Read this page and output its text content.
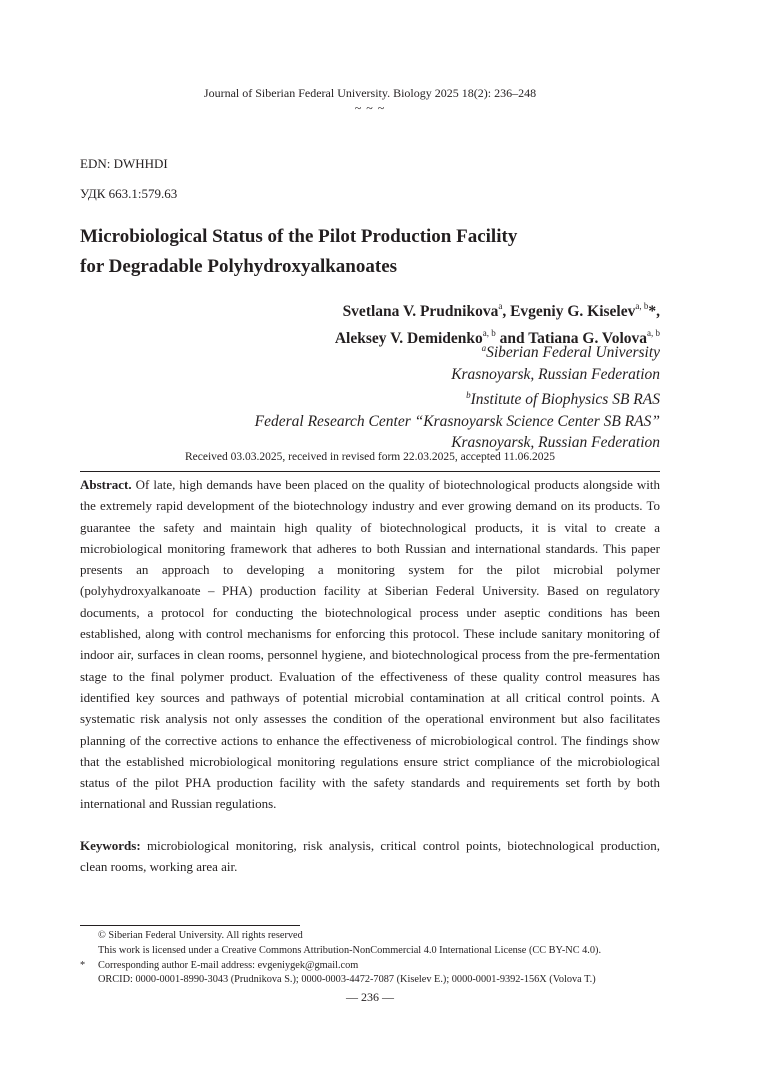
Journal of Siberian Federal University. Biology 2025 18(2): 236–248
~ ~ ~
EDN: DWHHDI
УДК 663.1:579.63
Microbiological Status of the Pilot Production Facility
for Degradable Polyhydroxyalkanoates
Svetlana V. Prudnikova$^a$, Evgeniy G. Kiselev$^{a, b}$*,
Aleksey V. Demidenko$^{a, b}$ and Tatiana G. Volova$^{a, b}$
$^a$Siberian Federal University
Krasnoyarsk, Russian Federation
$^b$Institute of Biophysics SB RAS
Federal Research Center “Krasnoyarsk Science Center SB RAS”
Krasnoyarsk, Russian Federation
Received 03.03.2025, received in revised form 22.03.2025, accepted 11.06.2025
Abstract. Of late, high demands have been placed on the quality of biotechnological products alongside with the extremely rapid development of the biotechnology industry and ever growing demand on its products. To guarantee the safety and maintain high quality of biotechnological products, it is vital to create a microbiological monitoring framework that adheres to both Russian and international standards. This paper presents an approach to developing a monitoring system for the pilot microbial polymer (polyhydroxyalkanoate – PHA) production facility at Siberian Federal University. Based on regulatory documents, a protocol for conducting the biotechnological process under aseptic conditions has been established, along with control mechanisms for enforcing this protocol. These include sanitary monitoring of indoor air, surfaces in clean rooms, personnel hygiene, and biotechnological process from the pre-fermentation stage to the final polymer product. Evaluation of the effectiveness of these quality control measures has identified key sources and pathways of potential microbial contamination at all critical control points. A systematic risk analysis not only assesses the condition of the operational environment but also facilitates planning of the corrective actions to enhance the effectiveness of microbiological control. The findings show that the established microbiological monitoring regulations ensure strict compliance of the microbiological status of the pilot PHA production facility with the safety standards and requirements set forth by both international and Russian regulations.
Keywords: microbiological monitoring, risk analysis, critical control points, biotechnological production, clean rooms, working area air.
© Siberian Federal University. All rights reserved
This work is licensed under a Creative Commons Attribution-NonCommercial 4.0 International License (CC BY-NC 4.0).
* Corresponding author E-mail address: evgeniygek@gmail.com
ORCID: 0000-0001-8990-3043 (Prudnikova S.); 0000-0003-4472-7087 (Kiselev E.); 0000-0001-9392-156X (Volova T.)
— 236 —
